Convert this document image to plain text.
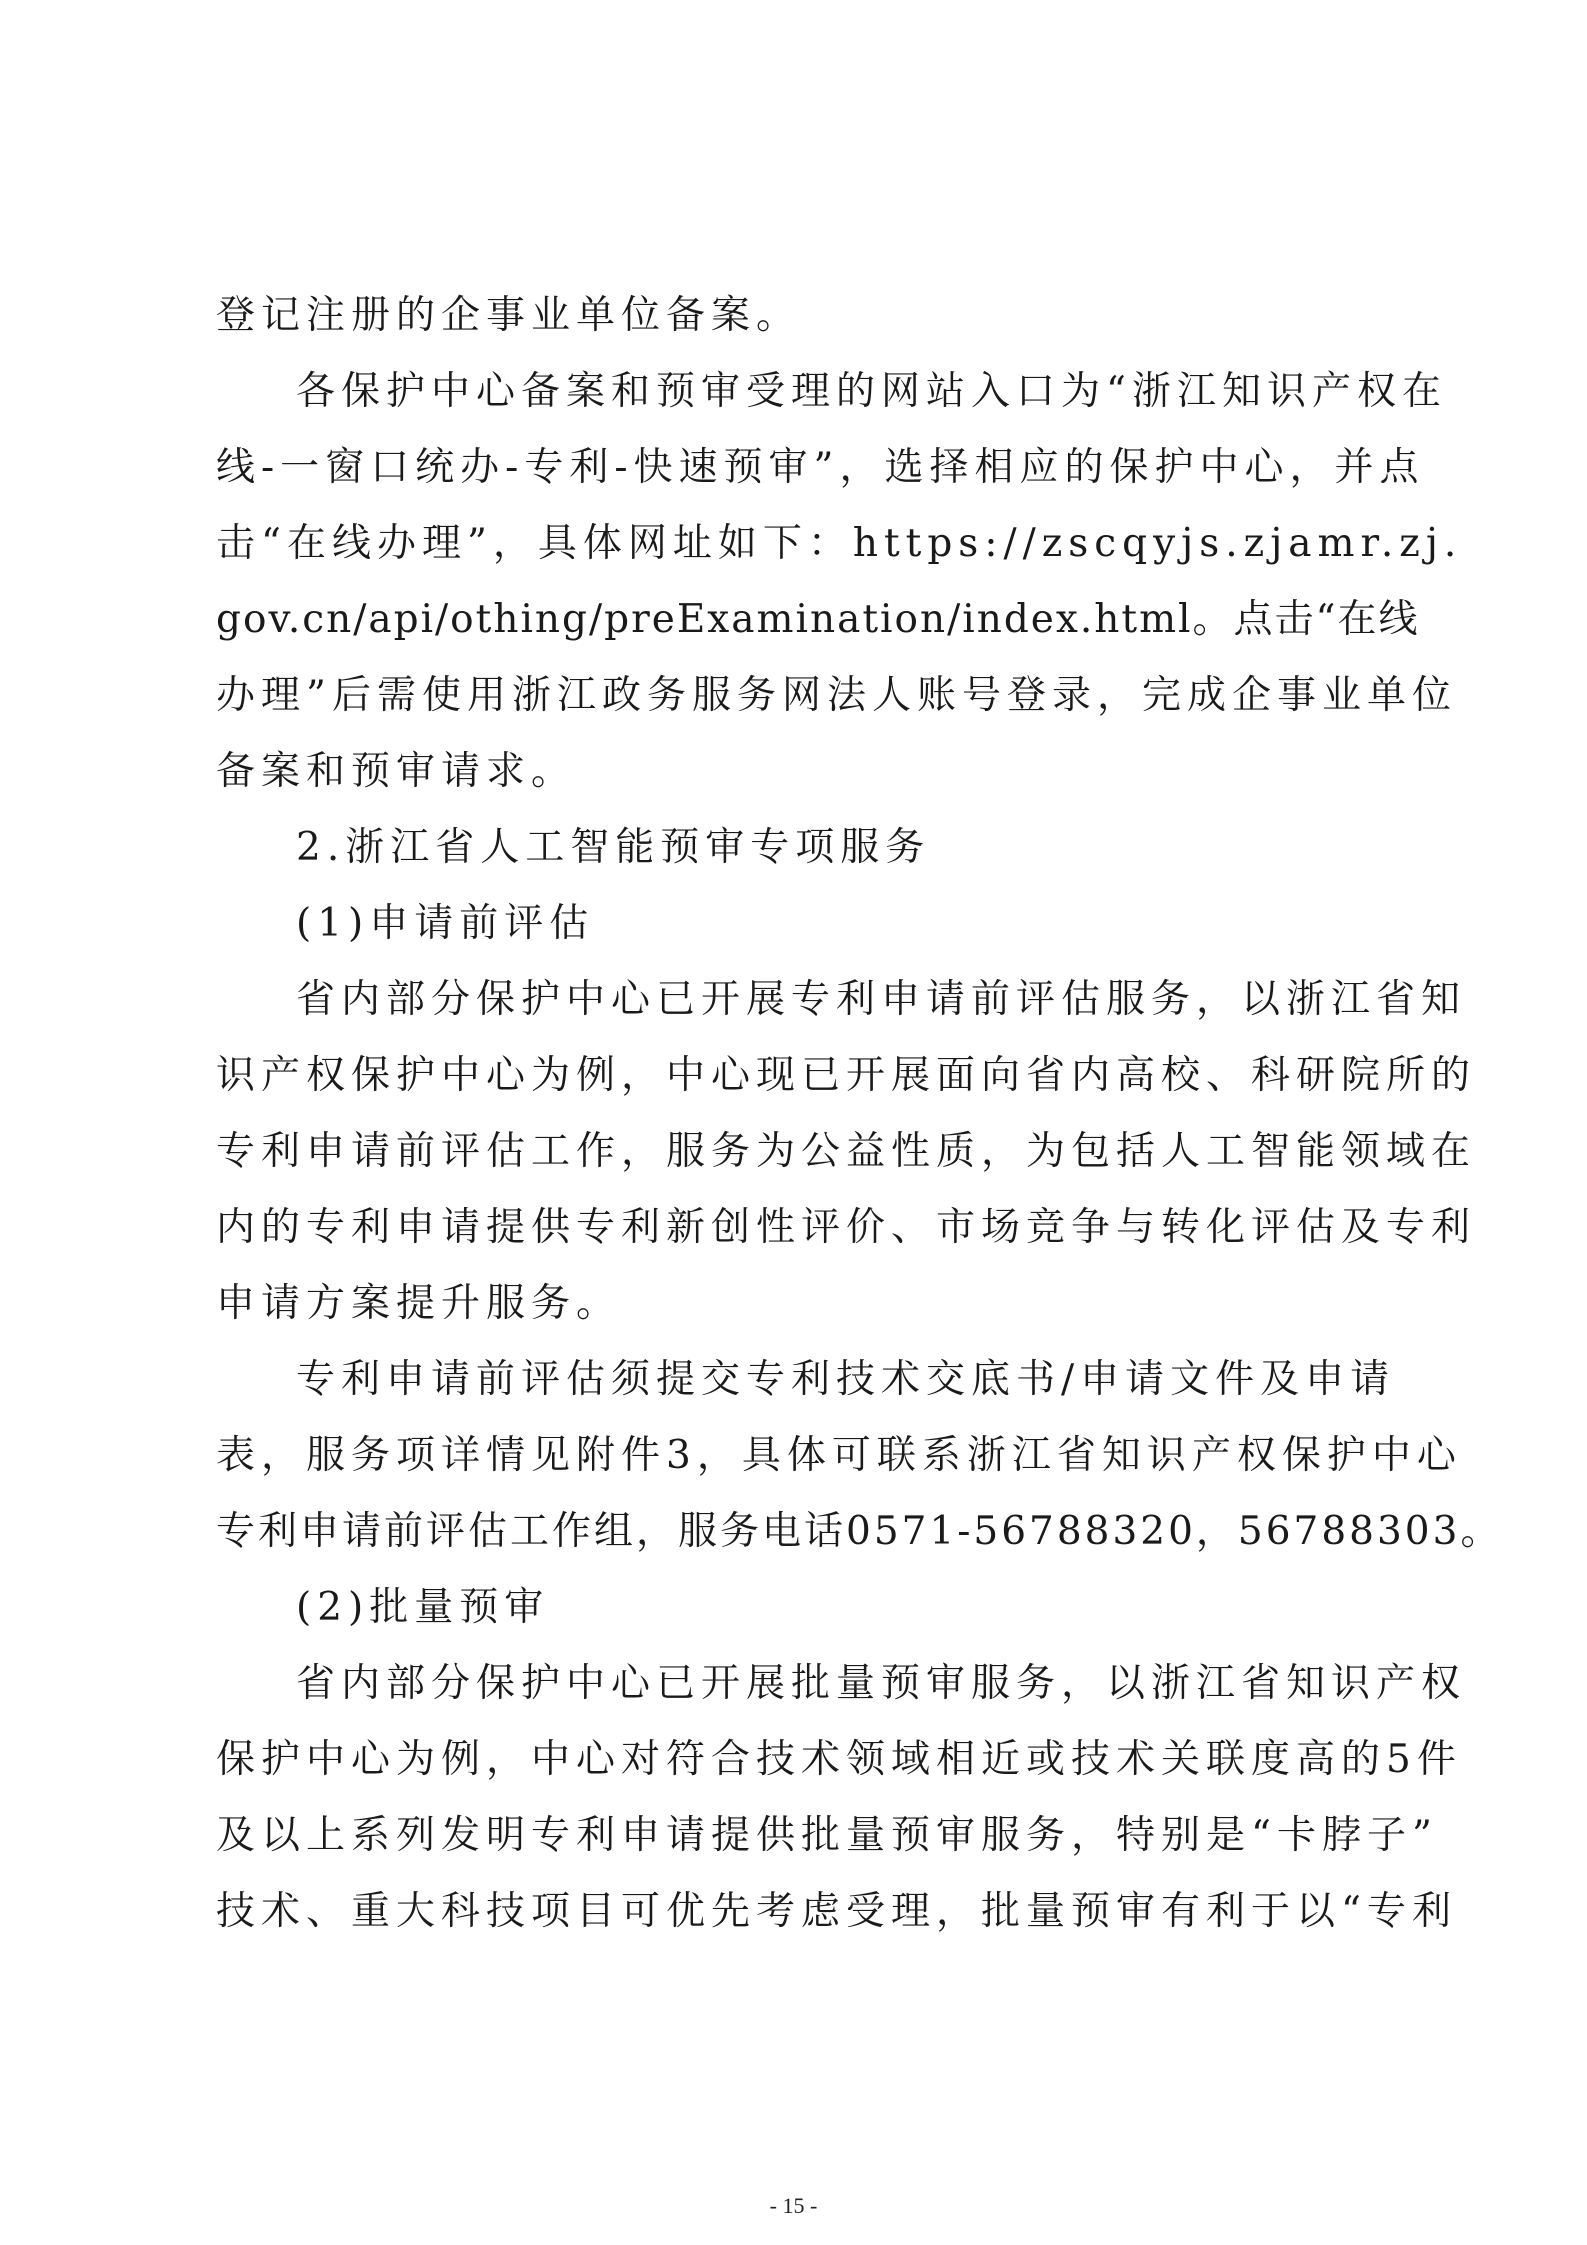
登记注册的企事业单位备案。
各保护中心备案和预审受理的网站入口为“浙江知识产权在
线-一窗口统办-专利-快速预审”，选择相应的保护中心，并点
击“在线办理”，具体网址如下：https://zscqyjs.zjamr.zj.
gov.cn/api/othing/preExamination/index.html。点击“在线
办理”后需使用浙江政务服务网法人账号登录，完成企事业单位
备案和预审请求。
2.浙江省人工智能预审专项服务
(1)申请前评估
省内部分保护中心已开展专利申请前评估服务，以浙江省知
识产权保护中心为例，中心现已开展面向省内高校、科研院所的
专利申请前评估工作，服务为公益性质，为包括人工智能领域在
内的专利申请提供专利新创性评价、市场竞争与转化评估及专利
申请方案提升服务。
专利申请前评估须提交专利技术交底书/申请文件及申请
表，服务项详情见附件3，具体可联系浙江省知识产权保护中心
专利申请前评估工作组，服务电话0571-56788320，56788303。
(2)批量预审
省内部分保护中心已开展批量预审服务，以浙江省知识产权
保护中心为例，中心对符合技术领域相近或技术关联度高的5件
及以上系列发明专利申请提供批量预审服务，特别是“卡脖子”
技术、重大科技项目可优先考虑受理，批量预审有利于以“专利
- 15 -
